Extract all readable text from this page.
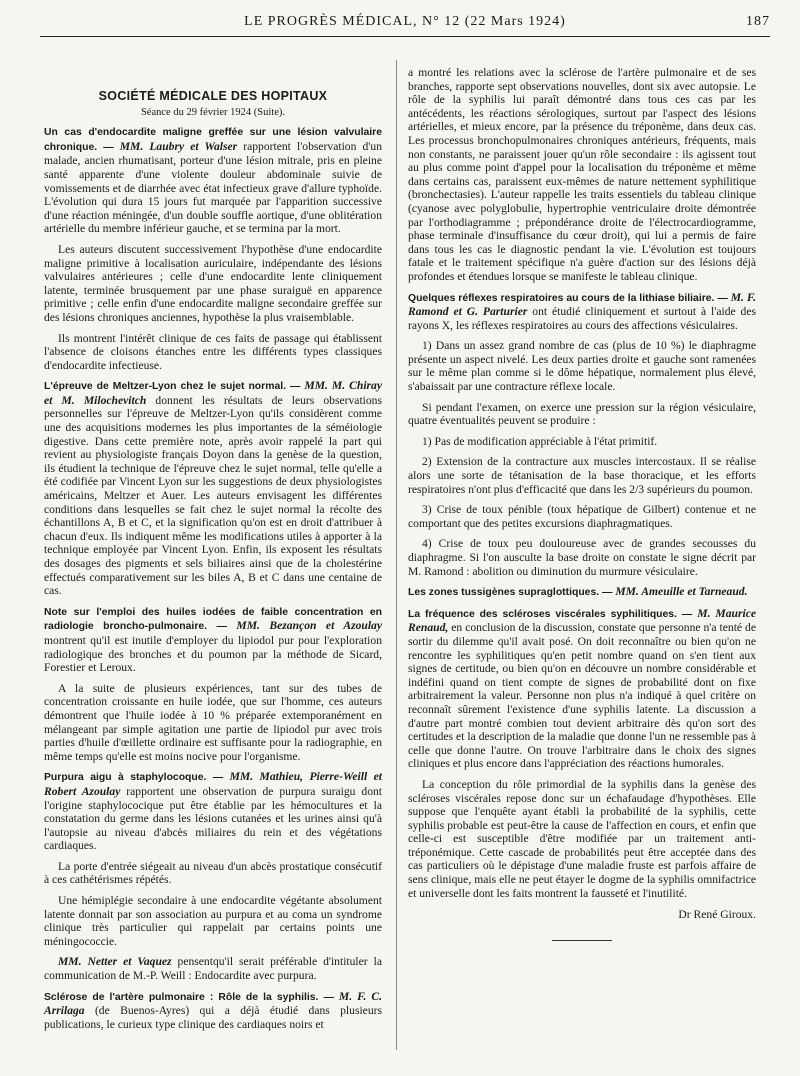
LE PROGRÈS MÉDICAL, N° 12 (22 Mars 1924)	187
SOCIÉTÉ MÉDICALE DES HOPITAUX
Séance du 29 février 1924 (Suite).

Un cas d'endocardite maligne greffée sur une lésion valvulaire chronique. — MM. Laubry et Walser rapportent l'observation d'un malade, ancien rhumatisant, porteur d'une lésion mitrale, pris en pleine santé apparente d'une violente douleur abdominale suivie de vomissements et de diarrhée avec état infectieux grave d'allure typhoïde. L'évolution qui dura 15 jours fut marquée par l'apparition successive d'une réaction méningée, d'un double souffle aortique, d'une oblitération artérielle du membre inférieur gauche, et se termina par la mort.

Les auteurs discutent successivement l'hypothèse d'une endocardite maligne primitive à localisation auriculaire, indépendante des lésions valvulaires antérieures ; celle d'une endocardite lente cliniquement latente, terminée brusquement par une phase suraiguë en apparence primitive ; celle enfin d'une endocardite maligne secondaire greffée sur des lésions chroniques anciennes, hypothèse la plus vraisemblable.

Ils montrent l'intérêt clinique de ces faits de passage qui établissent l'absence de cloisons étanches entre les différents types classiques d'endocardite infectieuse.

L'épreuve de Meltzer-Lyon chez le sujet normal. — MM. M. Chiray et M. Milochevitch donnent les résultats de leurs observations personnelles sur l'épreuve de Meltzer-Lyon qu'ils considèrent comme une des acquisitions modernes les plus importantes de la séméiologie digestive. Dans cette première note, après avoir rappelé la part qui revient au physiologiste français Doyon dans la genèse de la question, ils étudient la technique de l'épreuve chez le sujet normal, telle qu'elle a été codifiée par Vincent Lyon sur les suggestions de deux physiologistes américains, Meltzer et Auer. Les auteurs envisagent les différentes conditions dans lesquelles se fait chez le sujet normal la récolte des échantillons A, B et C, et la signification qu'on est en droit d'attribuer à chacun d'eux. Ils indiquent même les modifications utiles à apporter à la technique employée par Vincent Lyon. Enfin, ils exposent les résultats des dosages des pigments et sels biliaires ainsi que de la cholestérine effectués comparativement sur les biles A, B et C dans une centaine de cas.

Note sur l'emploi des huiles iodées de faible concentration en radiologie broncho-pulmonaire. — MM. Bezançon et Azoulay montrent qu'il est inutile d'employer du lipiodol pur pour l'exploration radiologique des bronches et du poumon par la méthode de Sicard, Forestier et Leroux.

A la suite de plusieurs expériences, tant sur des tubes de concentration croissante en huile iodée, que sur l'homme, ces auteurs démontrent que l'huile iodée à 10 % préparée extemporanément en mélangeant par simple agitation une partie de lipiodol pur avec trois parties d'huile d'œillette ordinaire est suffisante pour la radiographie, en même temps qu'elle est moins nocive pour l'organisme.

Purpura aigu à staphylocoque. — MM. Mathieu, Pierre-Weill et Robert Azoulay rapportent une observation de purpura suraigu dont l'origine staphylococique put être établie par les hémocultures et la constatation du germe dans les lésions cutanées et les urines ainsi qu'à l'autopsie au niveau d'abcès miliaires du rein et des végétations cardiaques.

La porte d'entrée siégeait au niveau d'un abcès prostatique consécutif à ces cathétérismes répétés.

Une hémiplégie secondaire à une endocardite végétante absolument latente donnait par son association au purpura et au coma un syndrome clinique très particulier qui rappelait par certains points une méningococcie.

MM. Netter et Vaquez pensentqu'il serait préférable d'intituler la communication de M.-P. Weill : Endocardite avec purpura.

Sclérose de l'artère pulmonaire : Rôle de la syphilis. — M. F. C. Arrilaga (de Buenos-Ayres) qui a déjà étudié dans plusieurs publications, le curieux type clinique des cardiaques noirs et

a montré les relations avec la sclérose de l'artère pulmonaire et de ses branches, rapporte sept observations nouvelles, dont six avec autopsie. Le rôle de la syphilis lui paraît démontré dans tous ces cas par les antécédents, les réactions sérologiques, surtout par l'aspect des lésions artérielles, et mieux encore, par la présence du tréponème, dans deux cas. Les processus bronchopulmonaires chroniques antérieurs, fréquents, mais non constants, ne paraissent jouer qu'un rôle secondaire : ils agissent tout au plus comme point d'appel pour la localisation du tréponème et même dans certains cas, paraissent eux-mêmes de nature nettement syphilitique (bronchectasies). L'auteur rappelle les traits essentiels du tableau clinique (cyanose avec polyglobulie, hypertrophie ventriculaire droite démontrée par l'orthodiagramme ; prépondérance droite de l'électrocardiogramme, phase terminale d'insuffisance du cœur droit), qui lui a permis de faire dans tous les cas le diagnostic pendant la vie. L'évolution est toujours fatale et le traitement spécifique n'a guère d'action sur des lésions déjà profondes et étendues lorsque se manifeste le tableau clinique.

Quelques réflexes respiratoires au cours de la lithiase biliaire. — M. F. Ramond et G. Parturier ont étudié cliniquement et surtout à l'aide des rayons X, les réflexes respiratoires au cours des affections vésiculaires.

1) Dans un assez grand nombre de cas (plus de 10 %) le diaphragme présente un aspect nivelé. Les deux parties droite et gauche sont ramenées sur le même plan comme si le dôme hépatique, normalement plus élevé, s'abaissait par une contracture réflexe locale.

Si pendant l'examen, on exerce une pression sur la région vésiculaire, quatre éventualités peuvent se produire :

1) Pas de modification appréciable à l'état primitif.

2) Extension de la contracture aux muscles intercostaux. Il se réalise alors une sorte de tétanisation de la base thoracique, et les efforts respiratoires n'ont plus d'efficacité que dans les 2/3 supérieurs du poumon.

3) Crise de toux pénible (toux hépatique de Gilbert) contenue et ne comportant que des petites excursions diaphragmatiques.

4) Crise de toux peu douloureuse avec de grandes secousses du diaphragme. Si l'on ausculte la base droite on constate le signe décrit par M. Ramond : abolition ou diminution du murmure vésiculaire.

Les zones tussigènes supraglottiques. — MM. Ameuille et Tarneaud.

La fréquence des scléroses viscérales syphilitiques. — M. Maurice Renaud, en conclusion de la discussion, constate que personne n'a tenté de sortir du dilemme qu'il avait posé. On doit reconnaître ou bien qu'on ne rencontre les syphilitiques qu'en petit nombre quand on s'en tient aux signes de certitude, ou bien qu'on en découvre un nombre considérable et indéfini quand on tient compte de signes de probabilité dont on fixe arbitrairement la valeur. Personne non plus n'a indiqué à quel critère on reconnaît sûrement l'existence d'une syphilis latente. La discussion a d'autre part montré combien tout devient arbitraire dès qu'on sort des certitudes et la description de la maladie que donne l'un ne ressemble pas à celle que donne l'autre. On trouve l'arbitraire dans le choix des signes cliniques et plus encore dans l'appréciation des réactions humorales.

La conception du rôle primordial de la syphilis dans la genèse des scléroses viscérales repose donc sur un échafaudage d'hypothèses. Elle suppose que l'enquête ayant établi la probabilité de la syphilis, cette syphilis probable est peut-être la cause de l'affection en cours, et enfin que celle-ci est susceptible d'être modifiée par un traitement anti-tréponémique. Cette cascade de probabilités peut être acceptée dans des cas particuliers où le dépistage d'une maladie fruste est parfois affaire de sens clinique, mais elle ne peut étayer le dogme de la syphilis omnifactrice et universelle dont les faits montrent la fausseté et l'inutilité.

Dr René Giroux.
